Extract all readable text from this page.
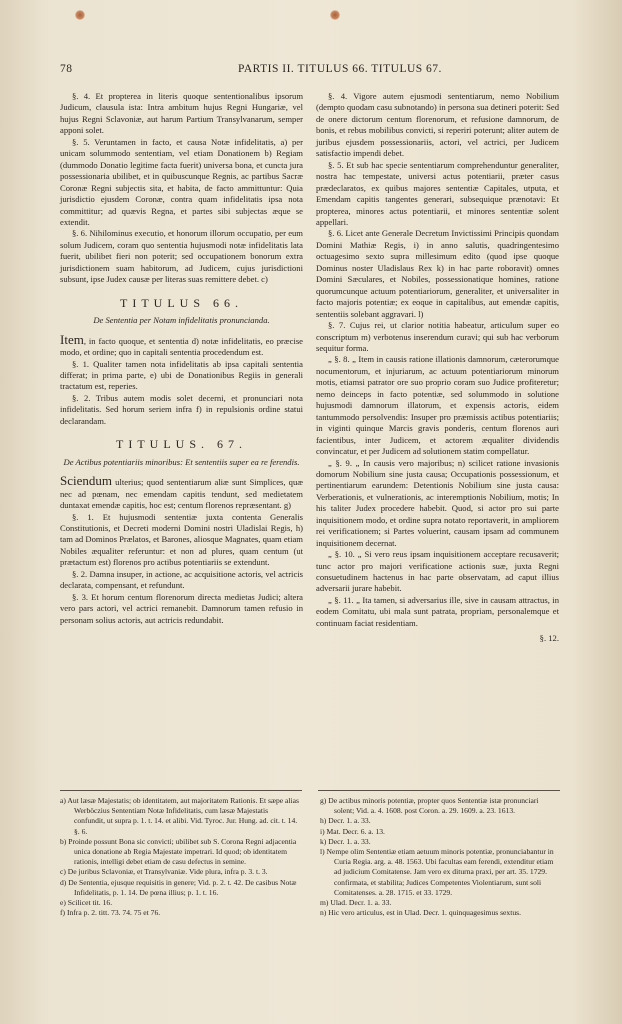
78	PARTIS II. TITULUS 66. TITULUS 67.

§. 4. Et propterea in literis quoque sententionalibus ipsorum Judicum, clausula ista: Intra ambitum hujus Regni Hungariæ, vel hujus Regni Sclavoniæ, aut harum Partium Transylvanarum, semper apponi solet.

§. 5. Veruntamen in facto, et causa Notæ infidelitatis, a) per unicam solummodo sententiam, vel etiam Donationem b) Regiam (dummodo Donatio legitime facta fuerit) universa bona, et cuncta jura possessionaria ubilibet, et in quibuscunque Regnis, ac partibus Sacræ Coronæ Regni subjectis sita, et habita, de facto ammittuntur: Quia jurisdictio ejusdem Coronæ, contra quam infidelitatis ipsa nota committitur; ad quævis Regna, et partes sibi subjectas æque se extendit.

§. 6. Nihilominus executio, et honorum illorum occupatio, per eum solum Judicem, coram quo sententia hujusmodi notæ infidelitatis lata fuerit, ubilibet fieri non poterit; sed occupationem bonorum extra jurisdictionem suam habitorum, ad Judicem, cujus jurisdictioni subsunt, ipse Judex causæ per literas suas remittere debet. c)

TITULUS 66.
De Sententia per Notam infidelitatis pronuncianda.

Item, in facto quoque, et sententia d) notæ infidelitatis, eo præcise modo, et ordine; quo in capitali sententia procedendum est.

§. 1. Qualiter tamen nota infidelitatis ab ipsa capitali sententia differat; in prima parte, e) ubi de Donationibus Regiis in generali tractatum est, reperies.

§. 2. Tribus autem modis solet decerni, et pronunciari nota infidelitatis. Sed horum seriem infra f) in repulsionis ordine statui declarandam.

TITULUS. 67.
De Actibus potentiariis minoribus: Et sententiis super ea re ferendis.

Sciendum ulterius; quod sententiarum aliæ sunt Simplices, quæ nec ad pœnam, nec emendam capitis tendunt, sed medietatem duntaxat emendæ capitis, hoc est; centum florenos repræsentant. g)

§. 1. Et hujusmodi sententiæ juxta contenta Generalis Constitutionis, et Decreti moderni Domini nostri Uladislai Regis, h) tam ad Dominos Prælatos, et Barones, aliosque Magnates, quam etiam Nobiles æqualiter referuntur: et non ad plures, quam centum (ut prætactum est) florenos pro actibus potentiariis se extendunt.

§. 2. Damna insuper, in actione, ac acquisitione actoris, vel actricis declarata, compensant, et refundunt.

§. 3. Et horum centum florenorum directa medietas Judici; altera vero pars actori, vel actrici remanebit. Damnorum tamen refusio in personam solius actoris, aut actricis redundabit.

§. 4. Vigore autem ejusmodi sententiarum, nemo Nobilium (dempto quodam casu subnotando) in persona sua detineri poterit: Sed de onere dictorum centum florenorum, et refusione damnorum, de bonis, et rebus mobilibus convicti, si reperiri poterunt; aliter autem de juribus ejusdem possessionariis, actori, vel actrici, per Judicem satisfactio impendi debet.

§. 5. Et sub hac specie sententiarum comprehenduntur generaliter, nostra hac tempestate, universi actus potentiarii, præter casus prædeclaratos, ex quibus majores sententiæ Capitales, utputa, et Emendam capitis tangentes generari, subsequique prænotavi: Et propterea, minores actus potentiarii, et minores sententiæ solent appellari.

§. 6. Licet ante Generale Decretum Invictissimi Principis quondam Domini Mathiæ Regis, i) in anno salutis, quadringentesimo octuagesimo sexto supra millesimum edito (quod ipse quoque Dominus noster Uladislaus Rex k) in hac parte roboravit) omnes Domini Sæculares, et Nobiles, possessionatique homines, ratione quorumcunque actuum potentiariorum, generaliter, et universaliter in facto majoris potentiæ; ex eoque in capitalibus, aut emendæ capitis, sententiis solebant aggravari. l)

§. 7. Cujus rei, ut clarior notitia habeatur, articulum super eo conscriptum m) verbotenus inserendum curavi; qui sub hac verborum sequitur forma.

„ §. 8. „ Item in causis ratione illationis damnorum, cæterorumque nocumentorum, et injuriarum, ac actuum potentiariorum minorum motis, etiamsi patrator ore suo proprio coram suo Judice profiteretur; nemo deinceps in facto potentiæ, sed solummodo in solutione hujusmodi damnorum illatorum, et expensis actoris, eidem tantummodo persolvendis: Insuper pro præmissis actibus potentiariis; in viginti quinque Marcis gravis ponderis, centum florenos auri facientibus, inter Judicem, et actorem æqualiter dividendis convincatur, et per Judicem ad solutionem statim compellatur.

„ §. 9. „ In causis vero majoribus; n) scilicet ratione invasionis domorum Nobilium sine justa causa; Occupationis possessionum, et pertinentiarum earundem: Detentionis Nobilium sine justa causa: Verberationis, et vulnerationis, ac interemptionis Nobilium, motis; In his taliter Judex procedere habebit. Quod, si actor pro sui parte inquisitionem modo, et ordine supra notato reportaverit, in ampliorem rei verificationem; si Partes voluerint, causam ipsam ad communem inquisitionem decernat.

„ §. 10. „ Si vero reus ipsam inquisitionem acceptare recusaverit; tunc actor pro majori verificatione actionis suæ, juxta Regni consuetudinem hactenus in hac parte observatam, ad caput illius adversarii jurare habebit.

„ §. 11. „ Ita tamen, si adversarius ille, sive in causam attractus, in eodem Comitatu, ubi mala sunt patrata, propriam, personalemque et continuam faciat residentiam.

§. 12.
a) Aut læsæ Majestatis; ob identitatem, aut majoritatem Rationis. Et sæpe alias Werböczius Sententiam Notæ Infidelitatis, cum læsæ Majestatis confundit, ut supra p. 1. t. 14. et alibi. Vid. Tyroc. Jur. Hung. ad. cit. t. 14. §. 6.
b) Proinde possunt Bona sic convicti; ubilibet sub S. Corona Regni adjacentia unica donatione ab Regia Majestate impetrari. Id quod; ob identitatem rationis, intelligi debet etiam de casu defectus in semine.
c) De juribus Sclavoniæ, et Transylvaniæ. Vide plura, infra p. 3. t. 3.
d) De Sententia, ejusque requisitis in genere; Vid. p. 2. t. 42. De casibus Notæ Infidelitatis, p. 1. 14. De pœna illius; p. 1. t. 16.
e) Scilicet tit. 16.
f) Infra p. 2. titt. 73. 74. 75 et 76.
g) De actibus minoris potentiæ, propter quos Sententiæ istæ pronunciari solent; Vid. a. 4. 1608. post Coron. a. 29. 1609. a. 23. 1613.
h) Decr. 1. a. 33.
i) Mat. Decr. 6. a. 13.
k) Decr. 1. a. 33.
l) Nempe olim Sententiæ etiam aetuum minoris potentiæ, pronunciabantur in Curia Regia. arg. a. 48. 1563. Ubi facultas eam ferendi, extenditur etiam ad judicium Comitatense. Jam vero ex diturna praxi, per art. 35. 1729. confirmata, et stabilita; Judices Competentes Violentiarum, sunt soli Comitatenses. a. 28. 1715. et 33. 1729.
m) Ulad. Decr. 1. a. 33.
n) Hic vero articulus, est in Ulad. Decr. 1. quinquagesimus sextus.
